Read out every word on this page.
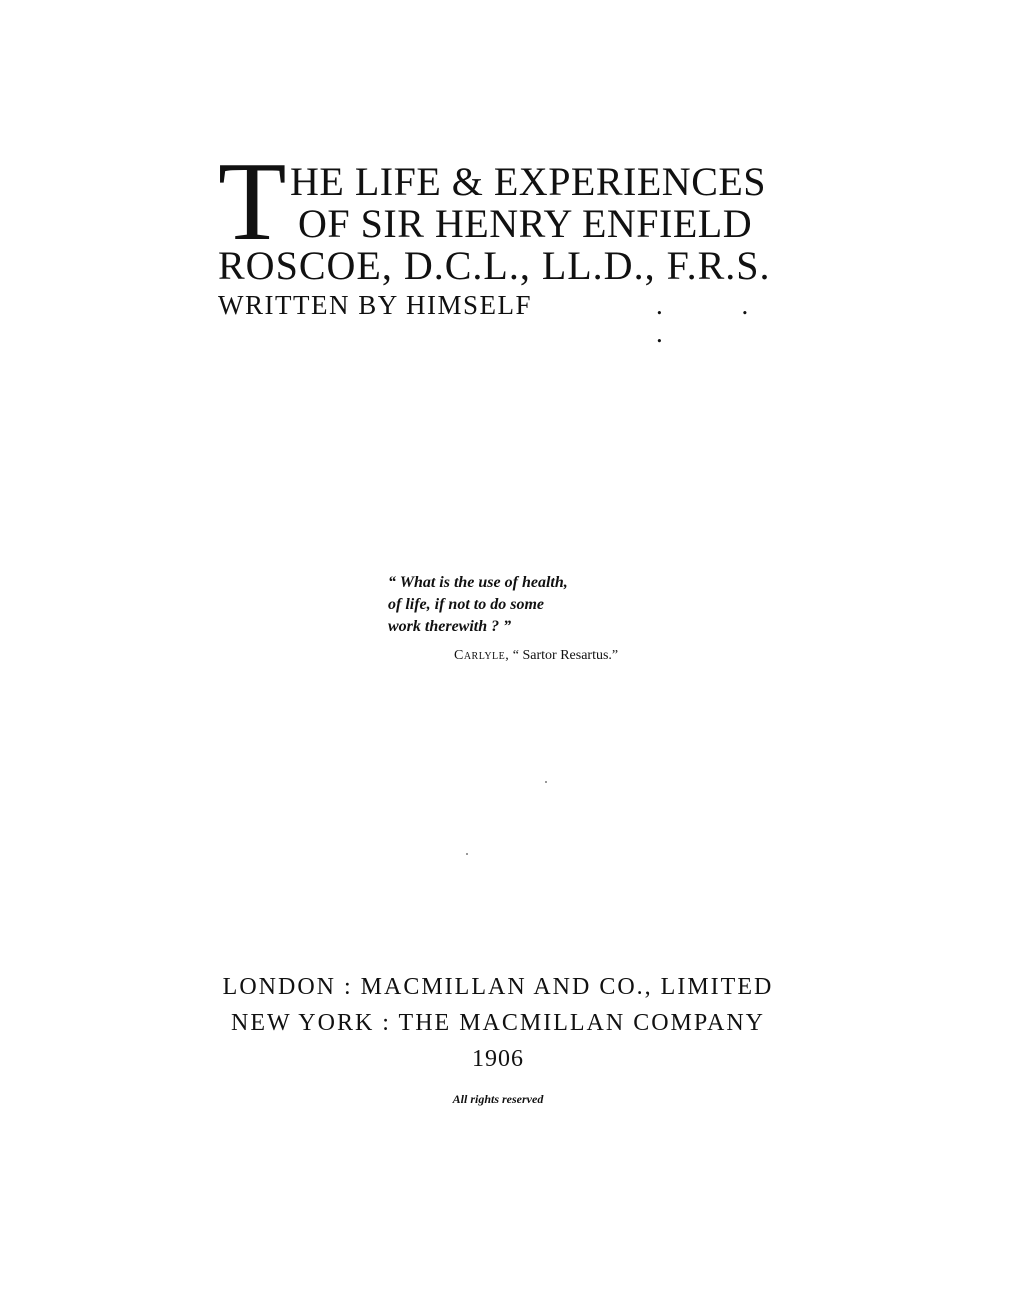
T HE LIFE & EXPERIENCES
OF SIR HENRY ENFIELD
ROSCOE, D.C.L., LL.D., F.R.S.
WRITTEN BY HIMSELF	. . .
“ What is the use of health,
of life, if not to do some
work therewith ? ”
Carlyle, “ Sartor Resartus.”
LONDON : MACMILLAN AND CO., LIMITED
NEW YORK : THE MACMILLAN COMPANY
1906
All rights reserved
